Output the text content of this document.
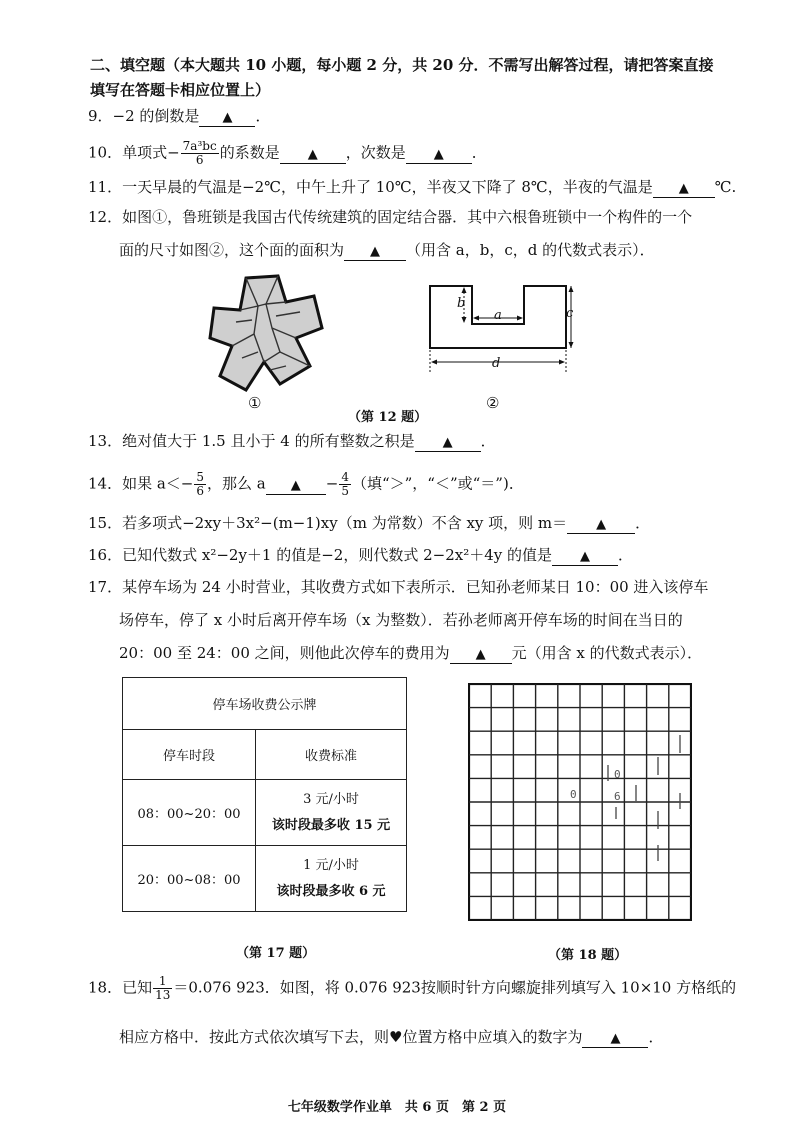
二、填空题（本大题共 10 小题，每小题 2 分，共 20 分．不需写出解答过程，请把答案直接
填写在答题卡相应位置上）
9．−2 的倒数是 ▲ ．
10．单项式− $\frac{\text{7a³bc}}{6}$ 的系数是 ▲ ，次数是 ▲ ．
11．一天早晨的气温是−2℃，中午上升了 10℃，半夜又下降了 8℃，半夜的气温是 ▲ ℃.
12．如图①，鲁班锁是我国古代传统建筑的固定结合器．其中六根鲁班锁中一个构件的一个
面的尺寸如图②，这个面的面积为 ▲ （用含 a，b，c，d 的代数式表示）．
①
b
a	c
d
②
（第 12 题）
13．绝对值大于 1.5 且小于 4 的所有整数之积是 ▲ ．
14．如果 $a<- \frac{5}{6}$ ，那么 a ▲ − $\frac{4}{5}$ （填“＞”，“＜”或“＝”)．
15．若多项式−2xy＋3x²−(m−1)xy（m 为常数）不含 xy 项，则 m＝ ▲ ．
16．已知代数式 x²−2y＋1 的值是−2，则代数式 2−2x²＋4y 的值是 ▲ ．
17．某停车场为 24 小时营业，其收费方式如下表所示．已知孙老师某日 10：00 进入该停车
场停车，停了 x 小时后离开停车场（x 为整数）．若孙老师离开停车场的时间在当日的
20：00 至 24：00 之间，则他此次停车的费用为 ▲ 元（用含 x 的代数式表示）．
停车场收费公示牌	
停车时段	收费标准
08：00~20：00	3 元/小时
该时段最多收 15 元

20：00~08：00	1 元/小时
该时段最多收 6 元
（第 17 题）
0
0
6
（第 18 题）
18．已知 $\frac{1}{13} =0.076$ 923．如图，将 0.076 923按顺时针方向螺旋排列填写入 10×10 方格纸的
相应方格中．按此方式依次填写下去，则♥位置方格中应填入的数字为 ▲ ．
七年级数学作业单　共 6 页　第 2 页
